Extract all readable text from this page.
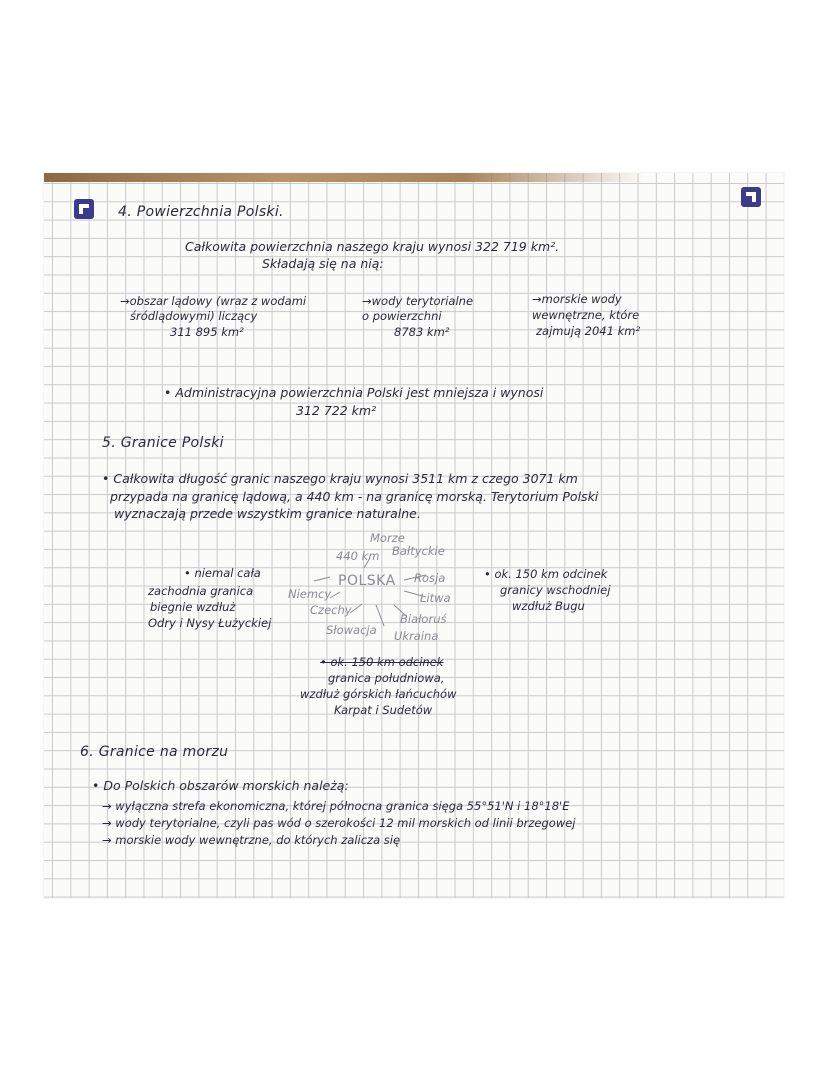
4. Powierzchnia Polski.
Całkowita powierzchnia naszego kraju wynosi 322 719 km².
Składają się na nią:
→obszar lądowy (wraz z wodami
śródlądowymi) liczący
311 895 km²
→wody terytorialne
o powierzchni
8783 km²
→morskie wody
wewnętrzne, które
zajmują 2041 km²
• Administracyjna powierzchnia Polski jest mniejsza i wynosi
312 722 km²
5. Granice Polski
• Całkowita długość granic naszego kraju wynosi 3511 km z czego 3071 km
przypada na granicę lądową, a 440 km - na granicę morską. Terytorium Polski
wyznaczają przede wszystkim granice naturalne.
Morze
Bałtyckie
440 km
POLSKA
Niemcy
Czechy
Słowacja
Rosja
Litwa
Białoruś
Ukraina
• niemal cała
zachodnia granica
biegnie wzdłuż
Odry i Nysy Łużyckiej
• ok. 150 km odcinek
granicy wschodniej
wzdłuż Bugu
• ok. 150 km odcinek
granica południowa,
wzdłuż górskich łańcuchów
Karpat i Sudetów
6. Granice na morzu
• Do Polskich obszarów morskich należą:
→ wyłączna strefa ekonomiczna, której północna granica sięga 55°51'N i 18°18'E
→ wody terytorialne, czyli pas wód o szerokości 12 mil morskich od linii brzegowej
→ morskie wody wewnętrzne, do których zalicza się
